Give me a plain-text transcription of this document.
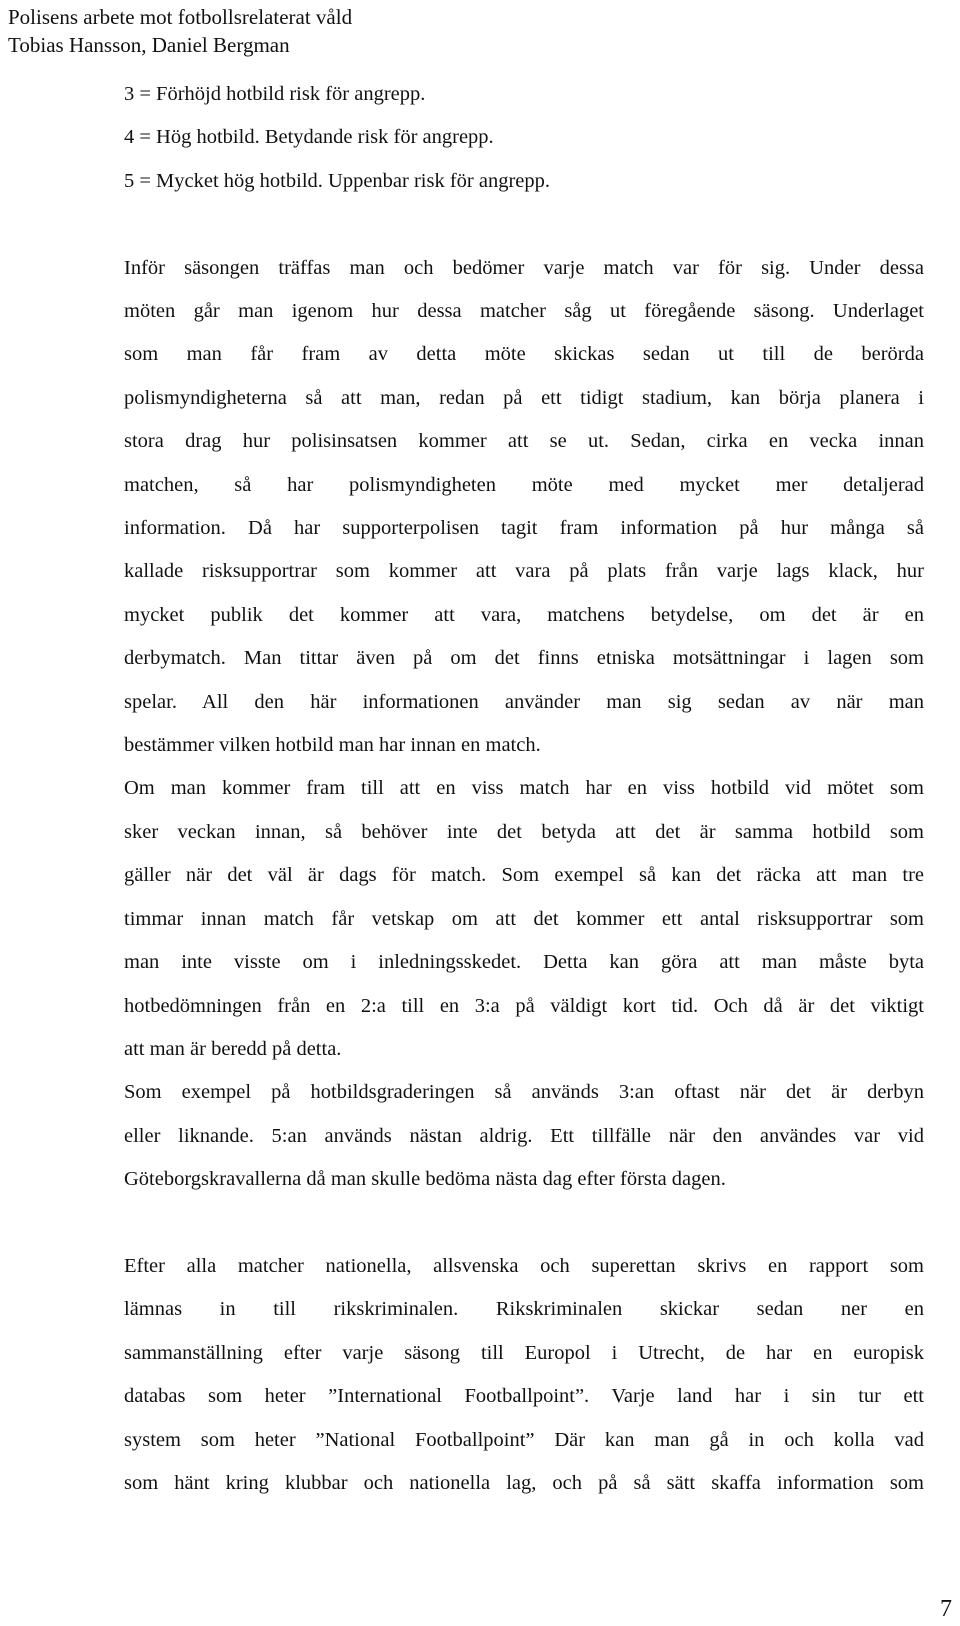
Polisens arbete mot fotbollsrelaterat våld
Tobias Hansson, Daniel Bergman
3 = Förhöjd hotbild risk för angrepp.
4 = Hög hotbild. Betydande risk för angrepp.
5 = Mycket hög hotbild. Uppenbar risk för angrepp.
Inför säsongen träffas man och bedömer varje match var för sig. Under dessa
möten går man igenom hur dessa matcher såg ut föregående säsong. Underlaget
som man får fram av detta möte skickas sedan ut till de berörda
polismyndigheterna så att man, redan på ett tidigt stadium, kan börja planera i
stora drag hur polisinsatsen kommer att se ut. Sedan, cirka en vecka innan
matchen, så har polismyndigheten möte med mycket mer detaljerad
information. Då har supporterpolisen tagit fram information på hur många så
kallade risksupportrar som kommer att vara på plats från varje lags klack, hur
mycket publik det kommer att vara, matchens betydelse, om det är en
derbymatch. Man tittar även på om det finns etniska motsättningar i lagen som
spelar. All den här informationen använder man sig sedan av när man
bestämmer vilken hotbild man har innan en match.
Om man kommer fram till att en viss match har en viss hotbild vid mötet som
sker veckan innan, så behöver inte det betyda att det är samma hotbild som
gäller när det väl är dags för match. Som exempel så kan det räcka att man tre
timmar innan match får vetskap om att det kommer ett antal risksupportrar som
man inte visste om i inledningsskedet. Detta kan göra att man måste byta
hotbedömningen från en 2:a till en 3:a på väldigt kort tid. Och då är det viktigt
att man är beredd på detta.
Som exempel på hotbildsgraderingen så används 3:an oftast när det är derbyn
eller liknande. 5:an används nästan aldrig. Ett tillfälle när den användes var vid
Göteborgskravallerna då man skulle bedöma nästa dag efter första dagen.
Efter alla matcher nationella, allsvenska och superettan skrivs en rapport som
lämnas in till rikskriminalen. Rikskriminalen skickar sedan ner en
sammanställning efter varje säsong till Europol i Utrecht, de har en europisk
databas som heter ”International Footballpoint”. Varje land har i sin tur ett
system som heter ”National Footballpoint” Där kan man gå in och kolla vad
som hänt kring klubbar och nationella lag, och på så sätt skaffa information som
7
